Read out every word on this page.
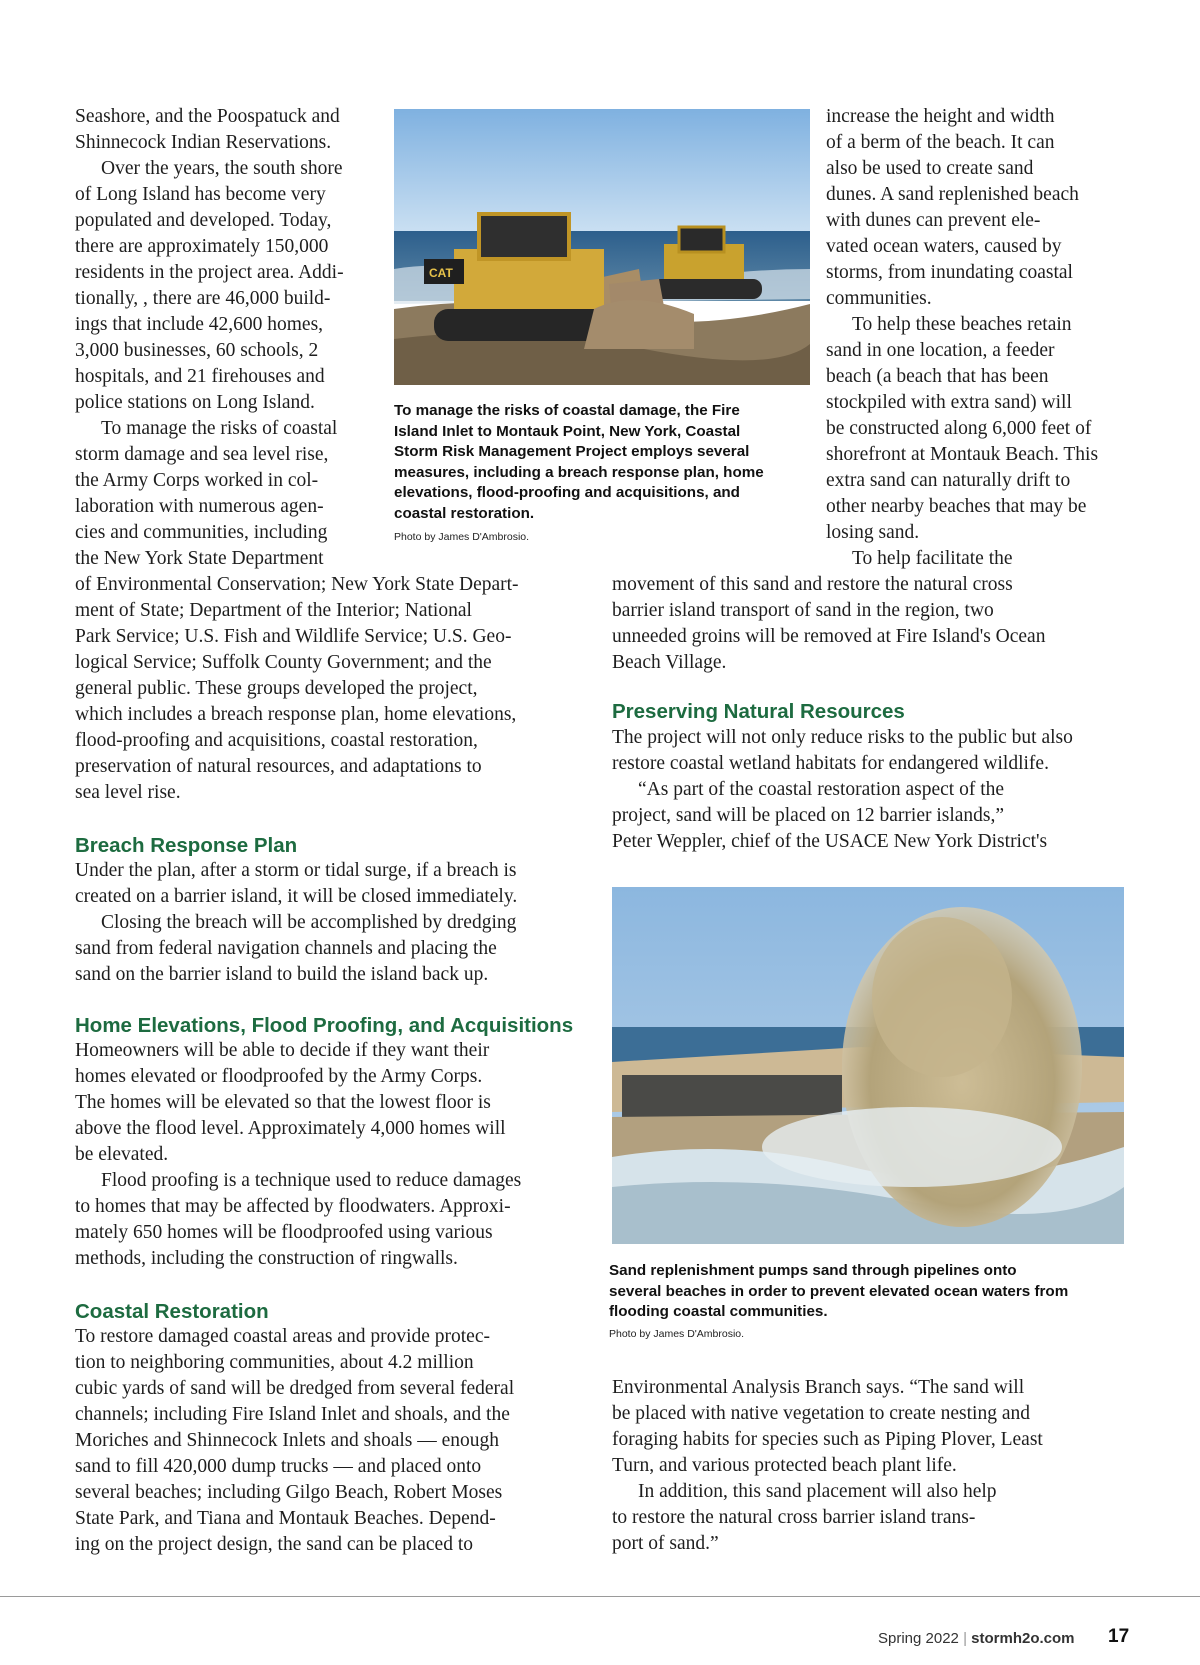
Seashore, and the Poospatuck and
Shinnecock Indian Reservations.
Over the years, the south shore
of Long Island has become very
populated and developed. Today,
there are approximately 150,000
residents in the project area. Addi-
tionally, , there are 46,000 build-
ings that include 42,600 homes,
3,000 businesses, 60 schools, 2
hospitals, and 21 firehouses and
police stations on Long Island.
To manage the risks of coastal
storm damage and sea level rise,
the Army Corps worked in col-
laboration with numerous agen-
cies and communities, including
the New York State Department
of Environmental Conservation; New York State Depart-
ment of State; Department of the Interior; National
Park Service; U.S. Fish and Wildlife Service; U.S. Geo-
logical Service; Suffolk County Government; and the
general public. These groups developed the project,
which includes a breach response plan, home elevations,
flood-proofing and acquisitions, coastal restoration,
preservation of natural resources, and adaptations to
sea level rise.
Breach Response Plan
Under the plan, after a storm or tidal surge, if a breach is
created on a barrier island, it will be closed immediately.
Closing the breach will be accomplished by dredging
sand from federal navigation channels and placing the
sand on the barrier island to build the island back up.
Home Elevations, Flood Proofing, and Acquisitions
Homeowners will be able to decide if they want their
homes elevated or floodproofed by the Army Corps.
The homes will be elevated so that the lowest floor is
above the flood level. Approximately 4,000 homes will
be elevated.
Flood proofing is a technique used to reduce damages
to homes that may be affected by floodwaters. Approxi-
mately 650 homes will be floodproofed using various
methods, including the construction of ringwalls.
Coastal Restoration
To restore damaged coastal areas and provide protec-
tion to neighboring communities, about 4.2 million
cubic yards of sand will be dredged from several federal
channels; including Fire Island Inlet and shoals, and the
Moriches and Shinnecock Inlets and shoals — enough
sand to fill 420,000 dump trucks — and placed onto
several beaches; including Gilgo Beach, Robert Moses
State Park, and Tiana and Montauk Beaches. Depend-
ing on the project design, the sand can be placed to
CAT
To manage the risks of coastal damage, the Fire
Island Inlet to Montauk Point, New York, Coastal
Storm Risk Management Project employs several
measures, including a breach response plan, home
elevations, flood-proofing and acquisitions, and
coastal restoration.
Photo by James D'Ambrosio.
increase the height and width
of a berm of the beach. It can
also be used to create sand
dunes. A sand replenished beach
with dunes can prevent ele-
vated ocean waters, caused by
storms, from inundating coastal
communities.
To help these beaches retain
sand in one location, a feeder
beach (a beach that has been
stockpiled with extra sand) will
be constructed along 6,000 feet of
shorefront at Montauk Beach. This
extra sand can naturally drift to
other nearby beaches that may be
losing sand.
To help facilitate the
movement of this sand and restore the natural cross
barrier island transport of sand in the region, two
unneeded groins will be removed at Fire Island's Ocean
Beach Village.
Preserving Natural Resources
The project will not only reduce risks to the public but also
restore coastal wetland habitats for endangered wildlife.
“As part of the coastal restoration aspect of the
project, sand will be placed on 12 barrier islands,”
Peter Weppler, chief of the USACE New York District's
Sand replenishment pumps sand through pipelines onto
several beaches in order to prevent elevated ocean waters from
flooding coastal communities.
Photo by James D'Ambrosio.
Environmental Analysis Branch says. “The sand will
be placed with native vegetation to create nesting and
foraging habits for species such as Piping Plover, Least
Turn, and various protected beach plant life.
In addition, this sand placement will also help
to restore the natural cross barrier island trans-
port of sand.”
Spring 2022 | stormh2o.com 17
